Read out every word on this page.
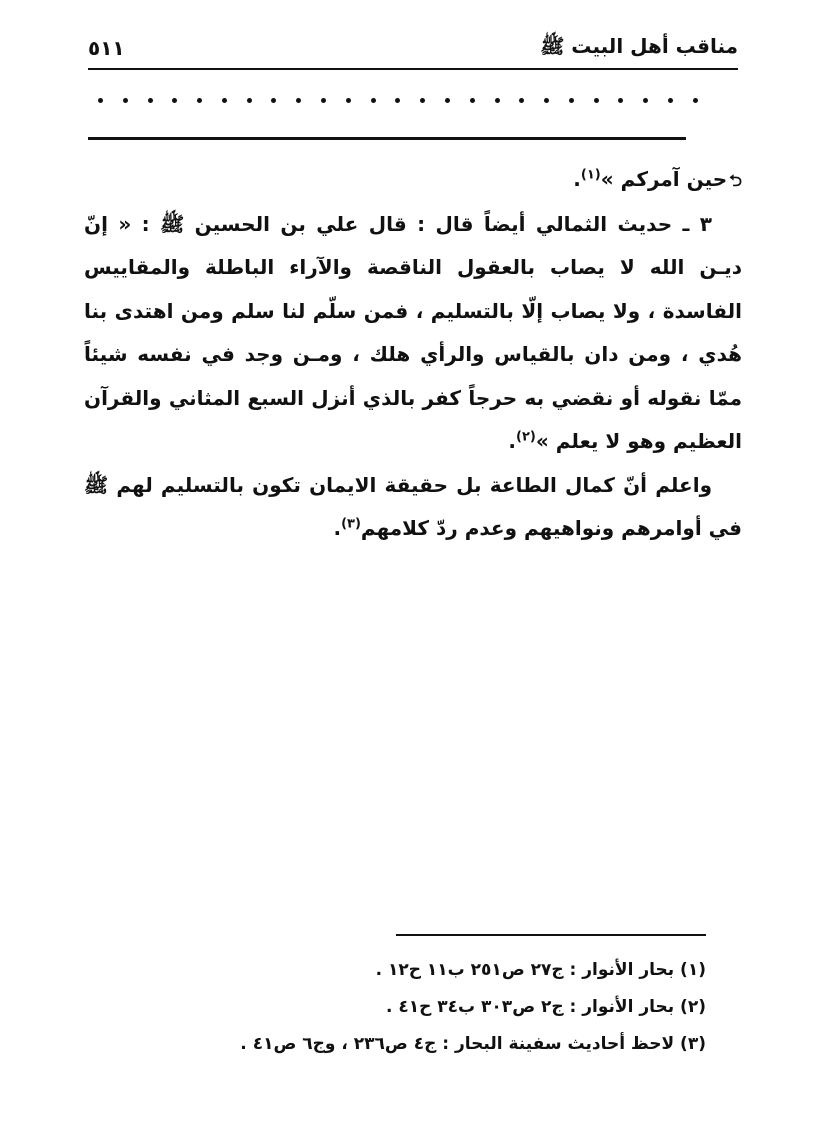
مناقب أهل البيت ﷺ
٥١١

⮌حين آمركم »$^{(١)}$.

٣ ـ حديث الثمالي أيضاً قال : قال علي بن الحسين ﷺ : « إنّ ديـن الله لا يصاب بالعقول الناقصة والآراء الباطلة والمقاييس الفاسدة ، ولا يصاب إلّا بالتسليم ، فمن سلّم لنا سلم ومن اهتدى بنا هُدي ، ومن دان بالقياس والرأي هلك ، ومـن وجد في نفسه شيئاً ممّا نقوله أو نقضي به حرجاً كفر بالذي أنزل السبع المثاني والقرآن العظيم وهو لا يعلم »$^{(٢)}$.

واعلم أنّ كمال الطاعة بل حقيقة الايمان تكون بالتسليم لهم ﷺ في أوامرهم ونواهيهم وعدم ردّ كلامهم$^{(٣)}$.

(١) بحار الأنوار : ج٢٧ ص٢٥١ ب١١ ح١٢ .

(٢) بحار الأنوار : ج٢ ص٣٠٣ ب٣٤ ح٤١ .

(٣) لاحظ أحاديث سفينة البحار : ج٤ ص٢٣٦ ، وج٦ ص٤١ .
